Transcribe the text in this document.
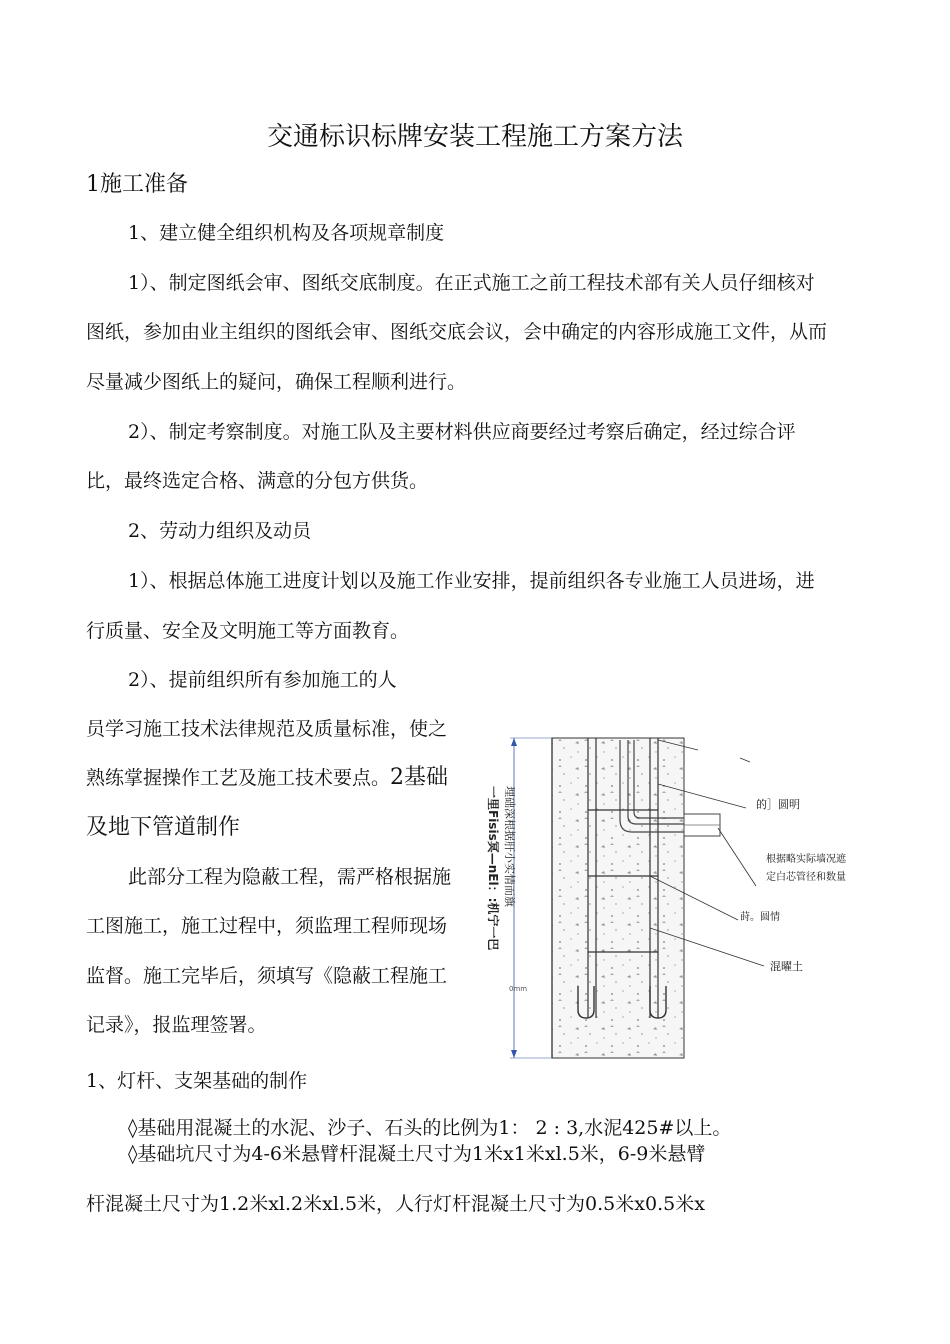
交通标识标牌安装工程施工方案方法
1施工准备
1、建立健全组织机构及各项规章制度
1）、制定图纸会审、图纸交底制度。在正式施工之前工程技术部有关人员仔细核对
图纸，参加由业主组织的图纸会审、图纸交底会议，会中确定的内容形成施工文件，从而
尽量减少图纸上的疑问，确保工程顺利进行。
2）、制定考察制度。对施工队及主要材料供应商要经过考察后确定，经过综合评
比，最终选定合格、满意的分包方供货。
2、劳动力组织及动员
1）、根据总体施工进度计划以及施工作业安排，提前组织各专业施工人员进场，进
行质量、安全及文明施工等方面教育。
2）、提前组织所有参加施工的人
员学习施工技术法律规范及质量标准，使之
熟练掌握操作工艺及施工技术要点。2基础
及地下管道制作
此部分工程为隐蔽工程，需严格根据施
工图施工，施工过程中，须监理工程师现场
监督。施工完毕后，须填写《隐蔽工程施工
记录》，报监理签署。
1、灯杆、支架基础的制作
◊基础用混凝土的水泥、沙子、石头的比例为1： 2 : 3,水泥425#以上。
◊基础坑尺寸为4-6米悬臂杆混凝土尺寸为1米x1米xl.5米，6-9米悬臂
杆混凝土尺寸为1.2米xl.2米xl.5米，人行灯杆混凝土尺寸为0.5米x0.5米x
埋础深根据肝小实情而旗
一里Fisis冥—nEl：:机宁一巴
0mm
的］圆明
根据略实际墙况遮
定白芯管径和数量
莳。圆情
混曜土
